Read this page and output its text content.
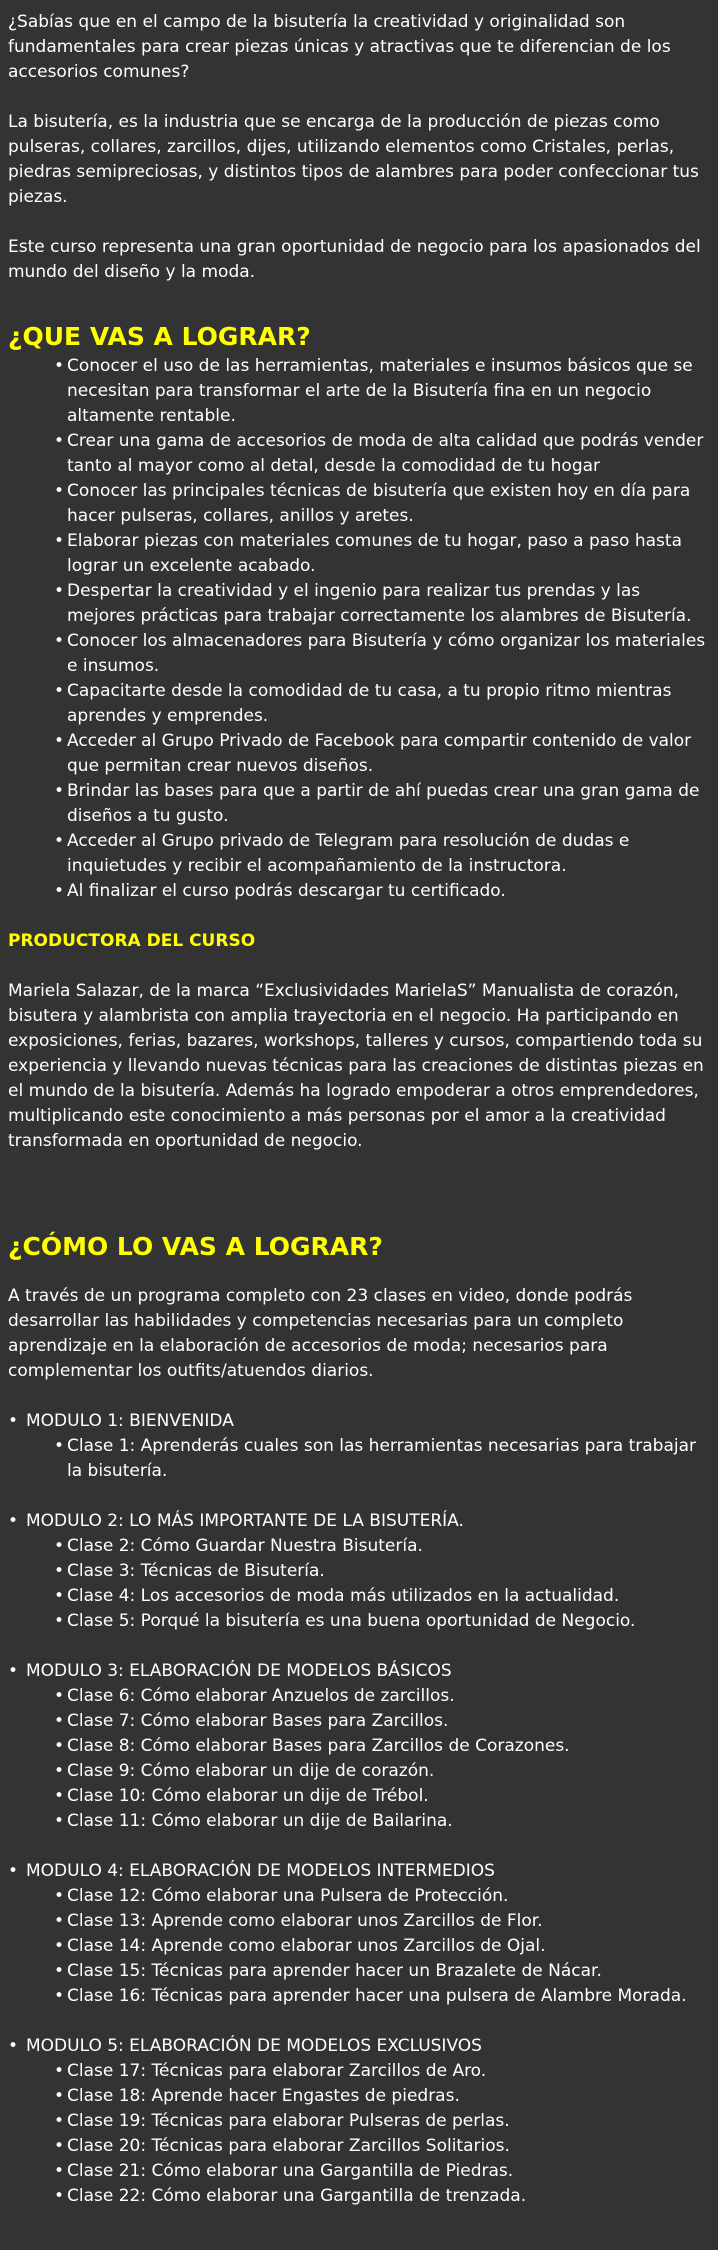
¿Sabías que en el campo de la bisutería la creatividad y originalidad son fundamentales para crear piezas únicas y atractivas que te diferencian de los accesorios comunes?

La bisutería, es la industria que se encarga de la producción de piezas como pulseras, collares, zarcillos, dijes, utilizando elementos como Cristales, perlas, piedras semipreciosas, y distintos tipos de alambres para poder confeccionar tus piezas.

Este curso representa una gran oportunidad de negocio para los apasionados del mundo del diseño y la moda.

¿QUE VAS A LOGRAR?
• Conocer el uso de las herramientas, materiales e insumos básicos que se necesitan para transformar el arte de la Bisutería fina en un negocio altamente rentable.
• Crear una gama de accesorios de moda de alta calidad que podrás vender tanto al mayor como al detal, desde la comodidad de tu hogar
• Conocer las principales técnicas de bisutería que existen hoy en día para hacer pulseras, collares, anillos y aretes.
• Elaborar piezas con materiales comunes de tu hogar, paso a paso hasta lograr un excelente acabado.
• Despertar la creatividad y el ingenio para realizar tus prendas y las mejores prácticas para trabajar correctamente los alambres de Bisutería.
• Conocer los almacenadores para Bisutería y cómo organizar los materiales e insumos.
• Capacitarte desde la comodidad de tu casa, a tu propio ritmo mientras aprendes y emprendes.
• Acceder al Grupo Privado de Facebook para compartir contenido de valor que permitan crear nuevos diseños.
• Brindar las bases para que a partir de ahí puedas crear una gran gama de diseños a tu gusto.
• Acceder al Grupo privado de Telegram para resolución de dudas e inquietudes y recibir el acompañamiento de la instructora.
• Al finalizar el curso podrás descargar tu certificado.
PRODUCTORA DEL CURSO

Mariela Salazar, de la marca “Exclusividades MarielaS” Manualista de corazón, bisutera y alambrista con amplia trayectoria en el negocio. Ha participando en exposiciones, ferias, bazares, workshops, talleres y cursos, compartiendo toda su experiencia y llevando nuevas técnicas para las creaciones de distintas piezas en el mundo de la bisutería. Además ha logrado empoderar a otros emprendedores, multiplicando este conocimiento a más personas por el amor a la creatividad transformada en oportunidad de negocio.

¿CÓMO LO VAS A LOGRAR?

A través de un programa completo con 23 clases en video, donde podrás desarrollar las habilidades y competencias necesarias para un completo aprendizaje en la elaboración de accesorios de moda; necesarios para complementar los outfits/atuendos diarios.

• MODULO 1: BIENVENIDA
• Clase 1: Aprenderás cuales son las herramientas necesarias para trabajar la bisutería.
• MODULO 2: LO MÁS IMPORTANTE DE LA BISUTERÍA.
• Clase 2: Cómo Guardar Nuestra Bisutería.
• Clase 3: Técnicas de Bisutería.
• Clase 4: Los accesorios de moda más utilizados en la actualidad.
• Clase 5: Porqué la bisutería es una buena oportunidad de Negocio.
• MODULO 3: ELABORACIÓN DE MODELOS BÁSICOS
• Clase 6: Cómo elaborar Anzuelos de zarcillos.
• Clase 7: Cómo elaborar Bases para Zarcillos.
• Clase 8: Cómo elaborar Bases para Zarcillos de Corazones.
• Clase 9: Cómo elaborar un dije de corazón.
• Clase 10: Cómo elaborar un dije de Trébol.
• Clase 11: Cómo elaborar un dije de Bailarina.
• MODULO 4: ELABORACIÓN DE MODELOS INTERMEDIOS
• Clase 12: Cómo elaborar una Pulsera de Protección.
• Clase 13: Aprende como elaborar unos Zarcillos de Flor.
• Clase 14: Aprende como elaborar unos Zarcillos de Ojal.
• Clase 15: Técnicas para aprender hacer un Brazalete de Nácar.
• Clase 16: Técnicas para aprender hacer una pulsera de Alambre Morada.
• MODULO 5: ELABORACIÓN DE MODELOS EXCLUSIVOS
• Clase 17: Técnicas para elaborar Zarcillos de Aro.
• Clase 18: Aprende hacer Engastes de piedras.
• Clase 19: Técnicas para elaborar Pulseras de perlas.
• Clase 20: Técnicas para elaborar Zarcillos Solitarios.
• Clase 21: Cómo elaborar una Gargantilla de Piedras.
• Clase 22: Cómo elaborar una Gargantilla de trenzada.
